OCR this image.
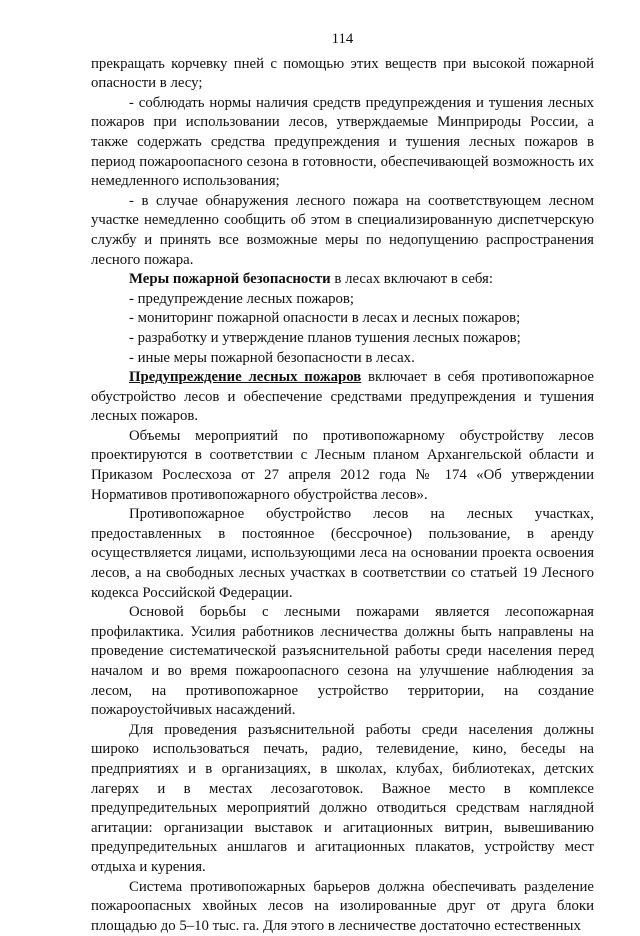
114

прекращать корчевку пней с помощью этих веществ при высокой пожарной опасности в лесу;

- соблюдать нормы наличия средств предупреждения и тушения лесных пожаров при использовании лесов, утверждаемые Минприроды России, а также содержать средства предупреждения и тушения лесных пожаров в период пожароопасного сезона в готовности, обеспечивающей возможность их немедленного использования;

- в случае обнаружения лесного пожара на соответствующем лесном участке немедленно сообщить об этом в специализированную диспетчерскую службу и принять все возможные меры по недопущению распространения лесного пожара.

Меры пожарной безопасности в лесах включают в себя:

- предупреждение лесных пожаров;
- мониторинг пожарной опасности в лесах и лесных пожаров;
- разработку и утверждение планов тушения лесных пожаров;
- иные меры пожарной безопасности в лесах.

Предупреждение лесных пожаров включает в себя противопожарное обустройство лесов и обеспечение средствами предупреждения и тушения лесных пожаров.

Объемы мероприятий по противопожарному обустройству лесов проектируются в соответствии с Лесным планом Архангельской области и Приказом Рослесхоза от 27 апреля 2012 года № 174 «Об утверждении Нормативов противопожарного обустройства лесов».

Противопожарное обустройство лесов на лесных участках, предоставленных в постоянное (бессрочное) пользование, в аренду осуществляется лицами, использующими леса на основании проекта освоения лесов, а на свободных лесных участках в соответствии со статьей 19 Лесного кодекса Российской Федерации.

Основой борьбы с лесными пожарами является лесопожарная профилактика. Усилия работников лесничества должны быть направлены на проведение систематической разъяснительной работы среди населения перед началом и во время пожароопасного сезона на улучшение наблюдения за лесом, на противопожарное устройство территории, на создание пожароустойчивых насаждений.

Для проведения разъяснительной работы среди населения должны широко использоваться печать, радио, телевидение, кино, беседы на предприятиях и в организациях, в школах, клубах, библиотеках, детских лагерях и в местах лесозаготовок. Важное место в комплексе предупредительных мероприятий должно отводиться средствам наглядной агитации: организации выставок и агитационных витрин, вывешиванию предупредительных аншлагов и агитационных плакатов, устройству мест отдыха и курения.

Система противопожарных барьеров должна обеспечивать разделение пожароопасных хвойных лесов на изолированные друг от друга блоки площадью до 5–10 тыс. га. Для этого в лесничестве достаточно естественных
